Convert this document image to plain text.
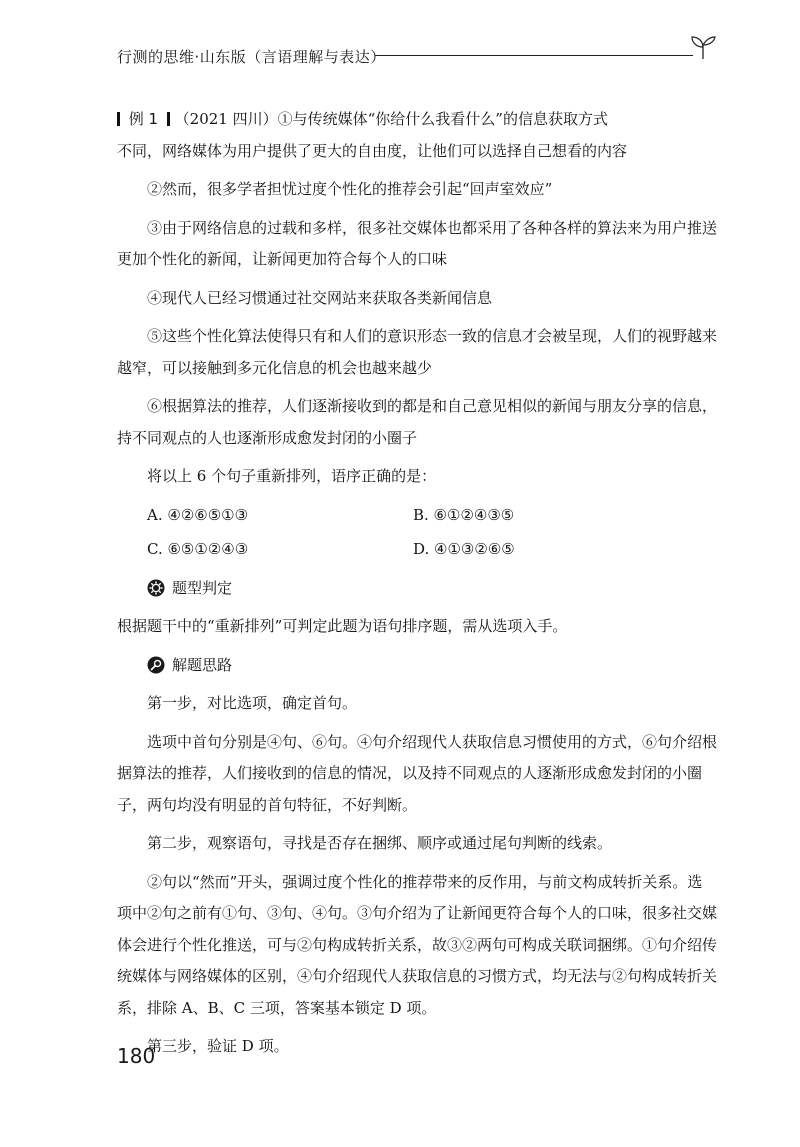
行测的思维·山东版（言语理解与表达）

例 1 （2021 四川）①与传统媒体“你给什么我看什么”的信息获取方式
不同，网络媒体为用户提供了更大的自由度，让他们可以选择自己想看的内容

②然而，很多学者担忧过度个性化的推荐会引起“回声室效应”

③由于网络信息的过载和多样，很多社交媒体也都采用了各种各样的算法来为用户推送更加个性化的新闻，让新闻更加符合每个人的口味

④现代人已经习惯通过社交网站来获取各类新闻信息

⑤这些个性化算法使得只有和人们的意识形态一致的信息才会被呈现，人们的视野越来越窄，可以接触到多元化信息的机会也越来越少

⑥根据算法的推荐，人们逐渐接收到的都是和自己意见相似的新闻与朋友分享的信息，持不同观点的人也逐渐形成愈发封闭的小圈子

将以上 6 个句子重新排列，语序正确的是：

A. ④②⑥⑤①③	B. ⑥①②④③⑤
C. ⑥⑤①②④③	D. ④①③②⑥⑤
题型判定

根据题干中的“重新排列”可判定此题为语句排序题，需从选项入手。

解题思路

第一步，对比选项，确定首句。

选项中首句分别是④句、⑥句。④句介绍现代人获取信息习惯使用的方式，⑥句介绍根据算法的推荐，人们接收到的信息的情况，以及持不同观点的人逐渐形成愈发封闭的小圈子，两句均没有明显的首句特征，不好判断。

第二步，观察语句，寻找是否存在捆绑、顺序或通过尾句判断的线索。

②句以“然而”开头，强调过度个性化的推荐带来的反作用，与前文构成转折关系。选项中②句之前有①句、③句、④句。③句介绍为了让新闻更符合每个人的口味，很多社交媒体会进行个性化推送，可与②句构成转折关系，故③②两句可构成关联词捆绑。①句介绍传统媒体与网络媒体的区别，④句介绍现代人获取信息的习惯方式，均无法与②句构成转折关系，排除 A、B、C 三项，答案基本锁定 D 项。

第三步，验证 D 项。

180
